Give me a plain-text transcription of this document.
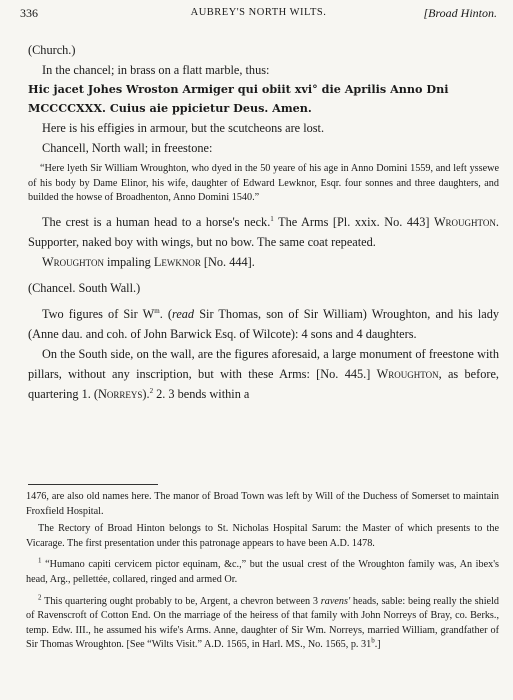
336	AUBREY'S NORTH WILTS.	[Broad Hinton.

(Church.)

In the chancel; in brass on a flatt marble, thus:

Hic jacet Johes Wroston Armiger qui obiit xvi° die Aprilis Anno Dni

MCCCCXXX. Cuius aie ppicietur Deus. Amen.

Here is his effigies in armour, but the scutcheons are lost.

Chancell, North wall; in freestone:

“Here lyeth Sir William Wroughton, who dyed in the 50 yeare of his age in Anno Domini 1559, and left yssewe of his body by Dame Elinor, his wife, daughter of Edward Lewknor, Esqr. four sonnes and three daughters, and builded the howse of Broadhenton, Anno Domini 1540.”

The crest is a human head to a horse's neck.$^1$ The Arms [Pl. xxix. No. 443] Wroughton. Supporter, naked boy with wings, but no bow. The same coat repeated.

Wroughton impaling Lewknor [No. 444].

(Chancel. South Wall.)

Two figures of Sir $W^m$. (read Sir Thomas, son of Sir William) Wroughton, and his lady (Anne dau. and coh. of John Barwick Esq. of Wilcote): 4 sons and 4 daughters.

On the South side, on the wall, are the figures aforesaid, a large monument of freestone with pillars, without any inscription, but with these Arms: [No. 445.] Wroughton, as before, quartering 1. (Norreys).$^2$ 2. 3 bends within a

1476, are also old names here. The manor of Broad Town was left by Will of the Duchess of Somerset to maintain Froxfield Hospital.

The Rectory of Broad Hinton belongs to St. Nicholas Hospital Sarum: the Master of which presents to the Vicarage. The first presentation under this patronage appears to have been A.D. 1478.

$^1$ “Humano capiti cervicem pictor equinam, &c.,” but the usual crest of the Wroughton family was, An ibex's head, Arg., pellettée, collared, ringed and armed Or.

$^2$ This quartering ought probably to be, Argent, a chevron between 3 ravens' heads, sable: being really the shield of Ravenscroft of Cotton End. On the marriage of the heiress of that family with John Norreys of Bray, co. Berks., temp. Edw. III., he assumed his wife's Arms. Anne, daughter of Sir Wm. Norreys, married William, grandfather of Sir Thomas Wroughton. [See “Wilts Visit.” A.D. 1565, in Harl. MS., No. 1565, p. 31$^b$.]
